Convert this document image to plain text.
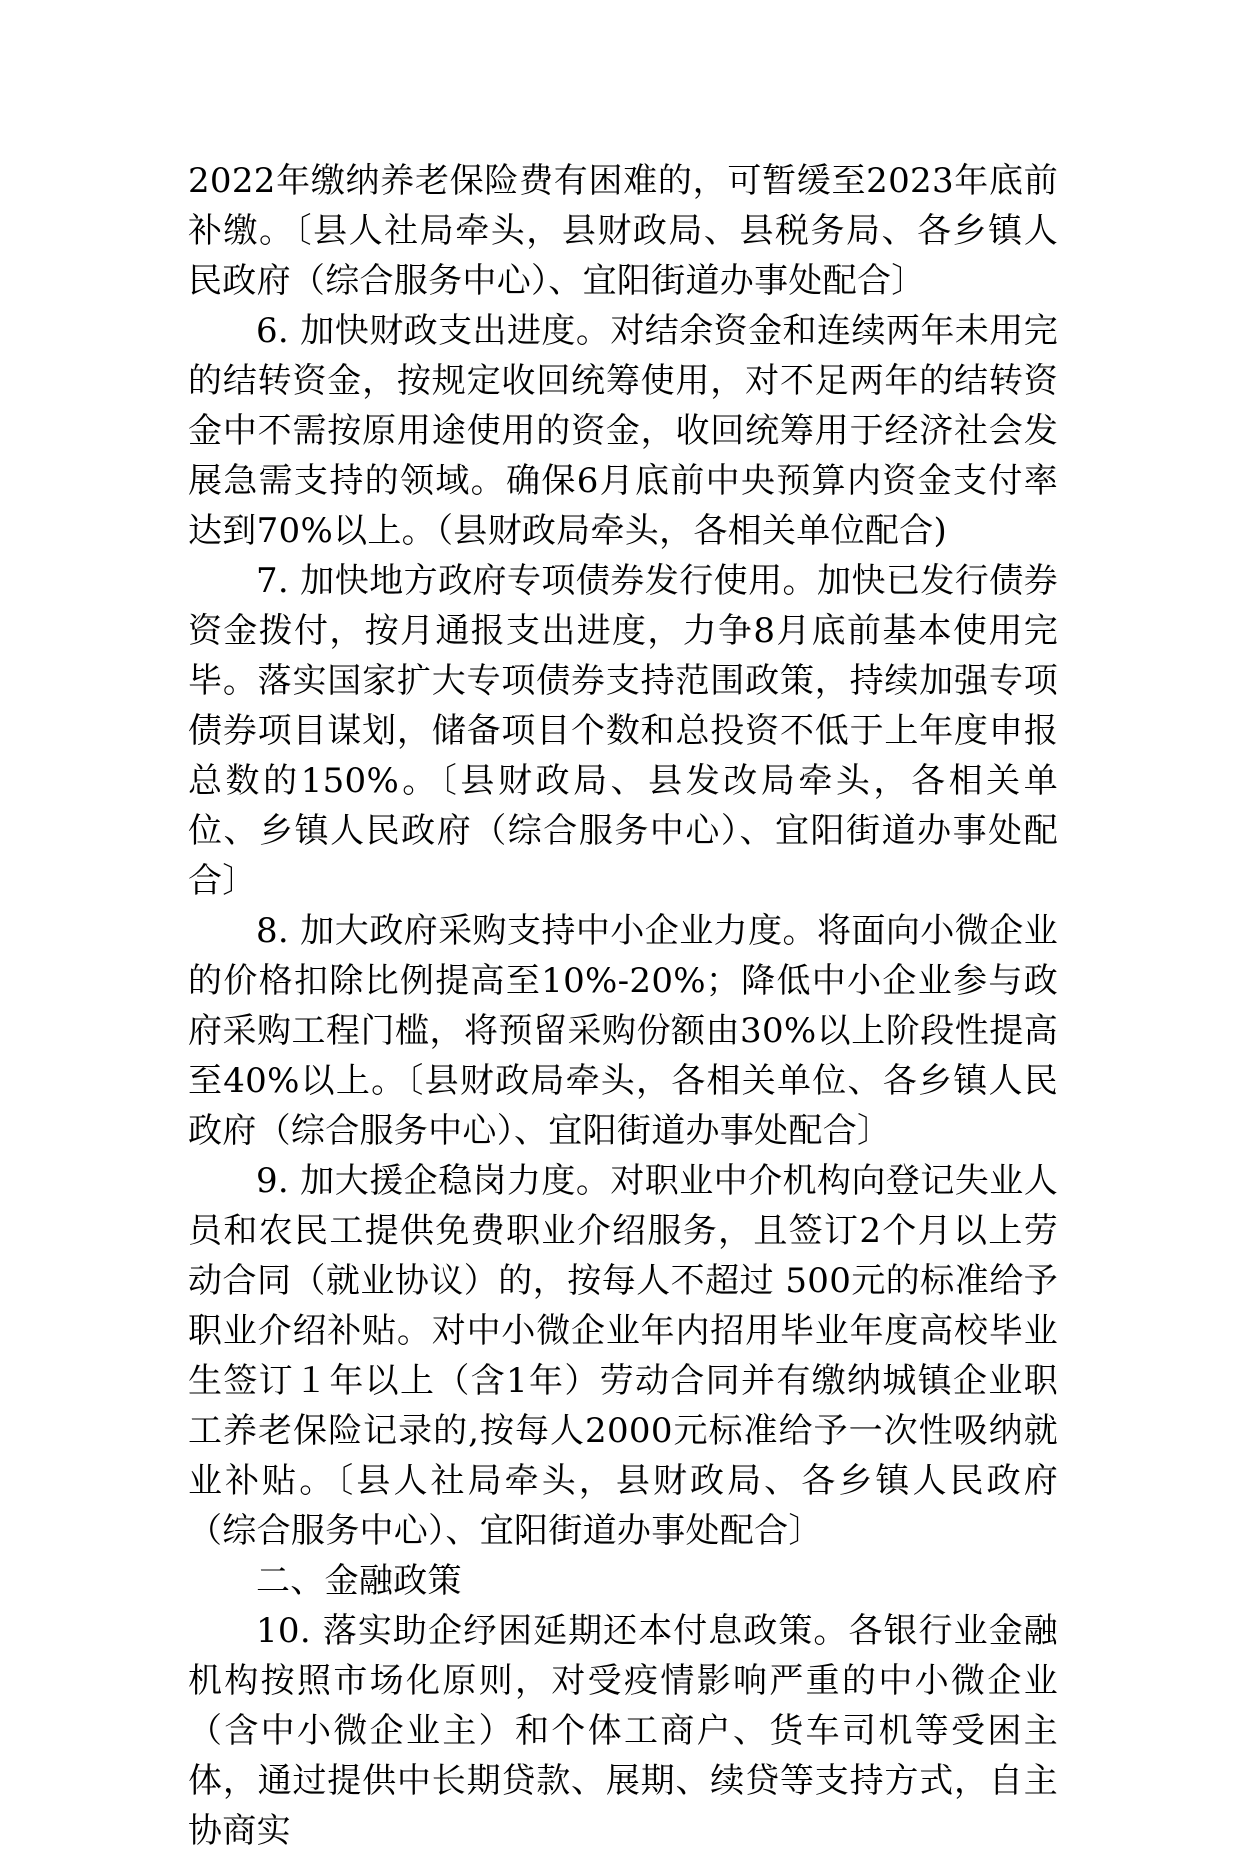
2022年缴纳养老保险费有困难的，可暂缓至2023年底前补缴。〔县人社局牵头，县财政局、县税务局、各乡镇人民政府（综合服务中心）、宜阳街道办事处配合〕

6. 加快财政支出进度。对结余资金和连续两年未用完的结转资金，按规定收回统筹使用，对不足两年的结转资金中不需按原用途使用的资金，收回统筹用于经济社会发展急需支持的领域。确保6月底前中央预算内资金支付率达到70%以上。（县财政局牵头，各相关单位配合)

7. 加快地方政府专项债券发行使用。加快已发行债券资金拨付，按月通报支出进度，力争8月底前基本使用完毕。落实国家扩大专项债券支持范围政策，持续加强专项债券项目谋划，储备项目个数和总投资不低于上年度申报总数的150%。〔县财政局、县发改局牵头，各相关单位、乡镇人民政府（综合服务中心）、宜阳街道办事处配合〕

8. 加大政府采购支持中小企业力度。将面向小微企业的价格扣除比例提高至10%-20%；降低中小企业参与政府采购工程门槛，将预留采购份额由30%以上阶段性提高至40%以上。〔县财政局牵头，各相关单位、各乡镇人民政府（综合服务中心）、宜阳街道办事处配合〕

9. 加大援企稳岗力度。对职业中介机构向登记失业人员和农民工提供免费职业介绍服务，且签订2个月以上劳动合同（就业协议）的，按每人不超过 500元的标准给予职业介绍补贴。对中小微企业年内招用毕业年度高校毕业生签订１年以上（含1年）劳动合同并有缴纳城镇企业职工养老保险记录的,按每人2000元标准给予一次性吸纳就业补贴。〔县人社局牵头，县财政局、各乡镇人民政府（综合服务中心）、宜阳街道办事处配合〕

二、金融政策

10. 落实助企纾困延期还本付息政策。各银行业金融机构按照市场化原则，对受疫情影响严重的中小微企业（含中小微企业主）和个体工商户、货车司机等受困主体，通过提供中长期贷款、展期、续贷等支持方式，自主协商实
